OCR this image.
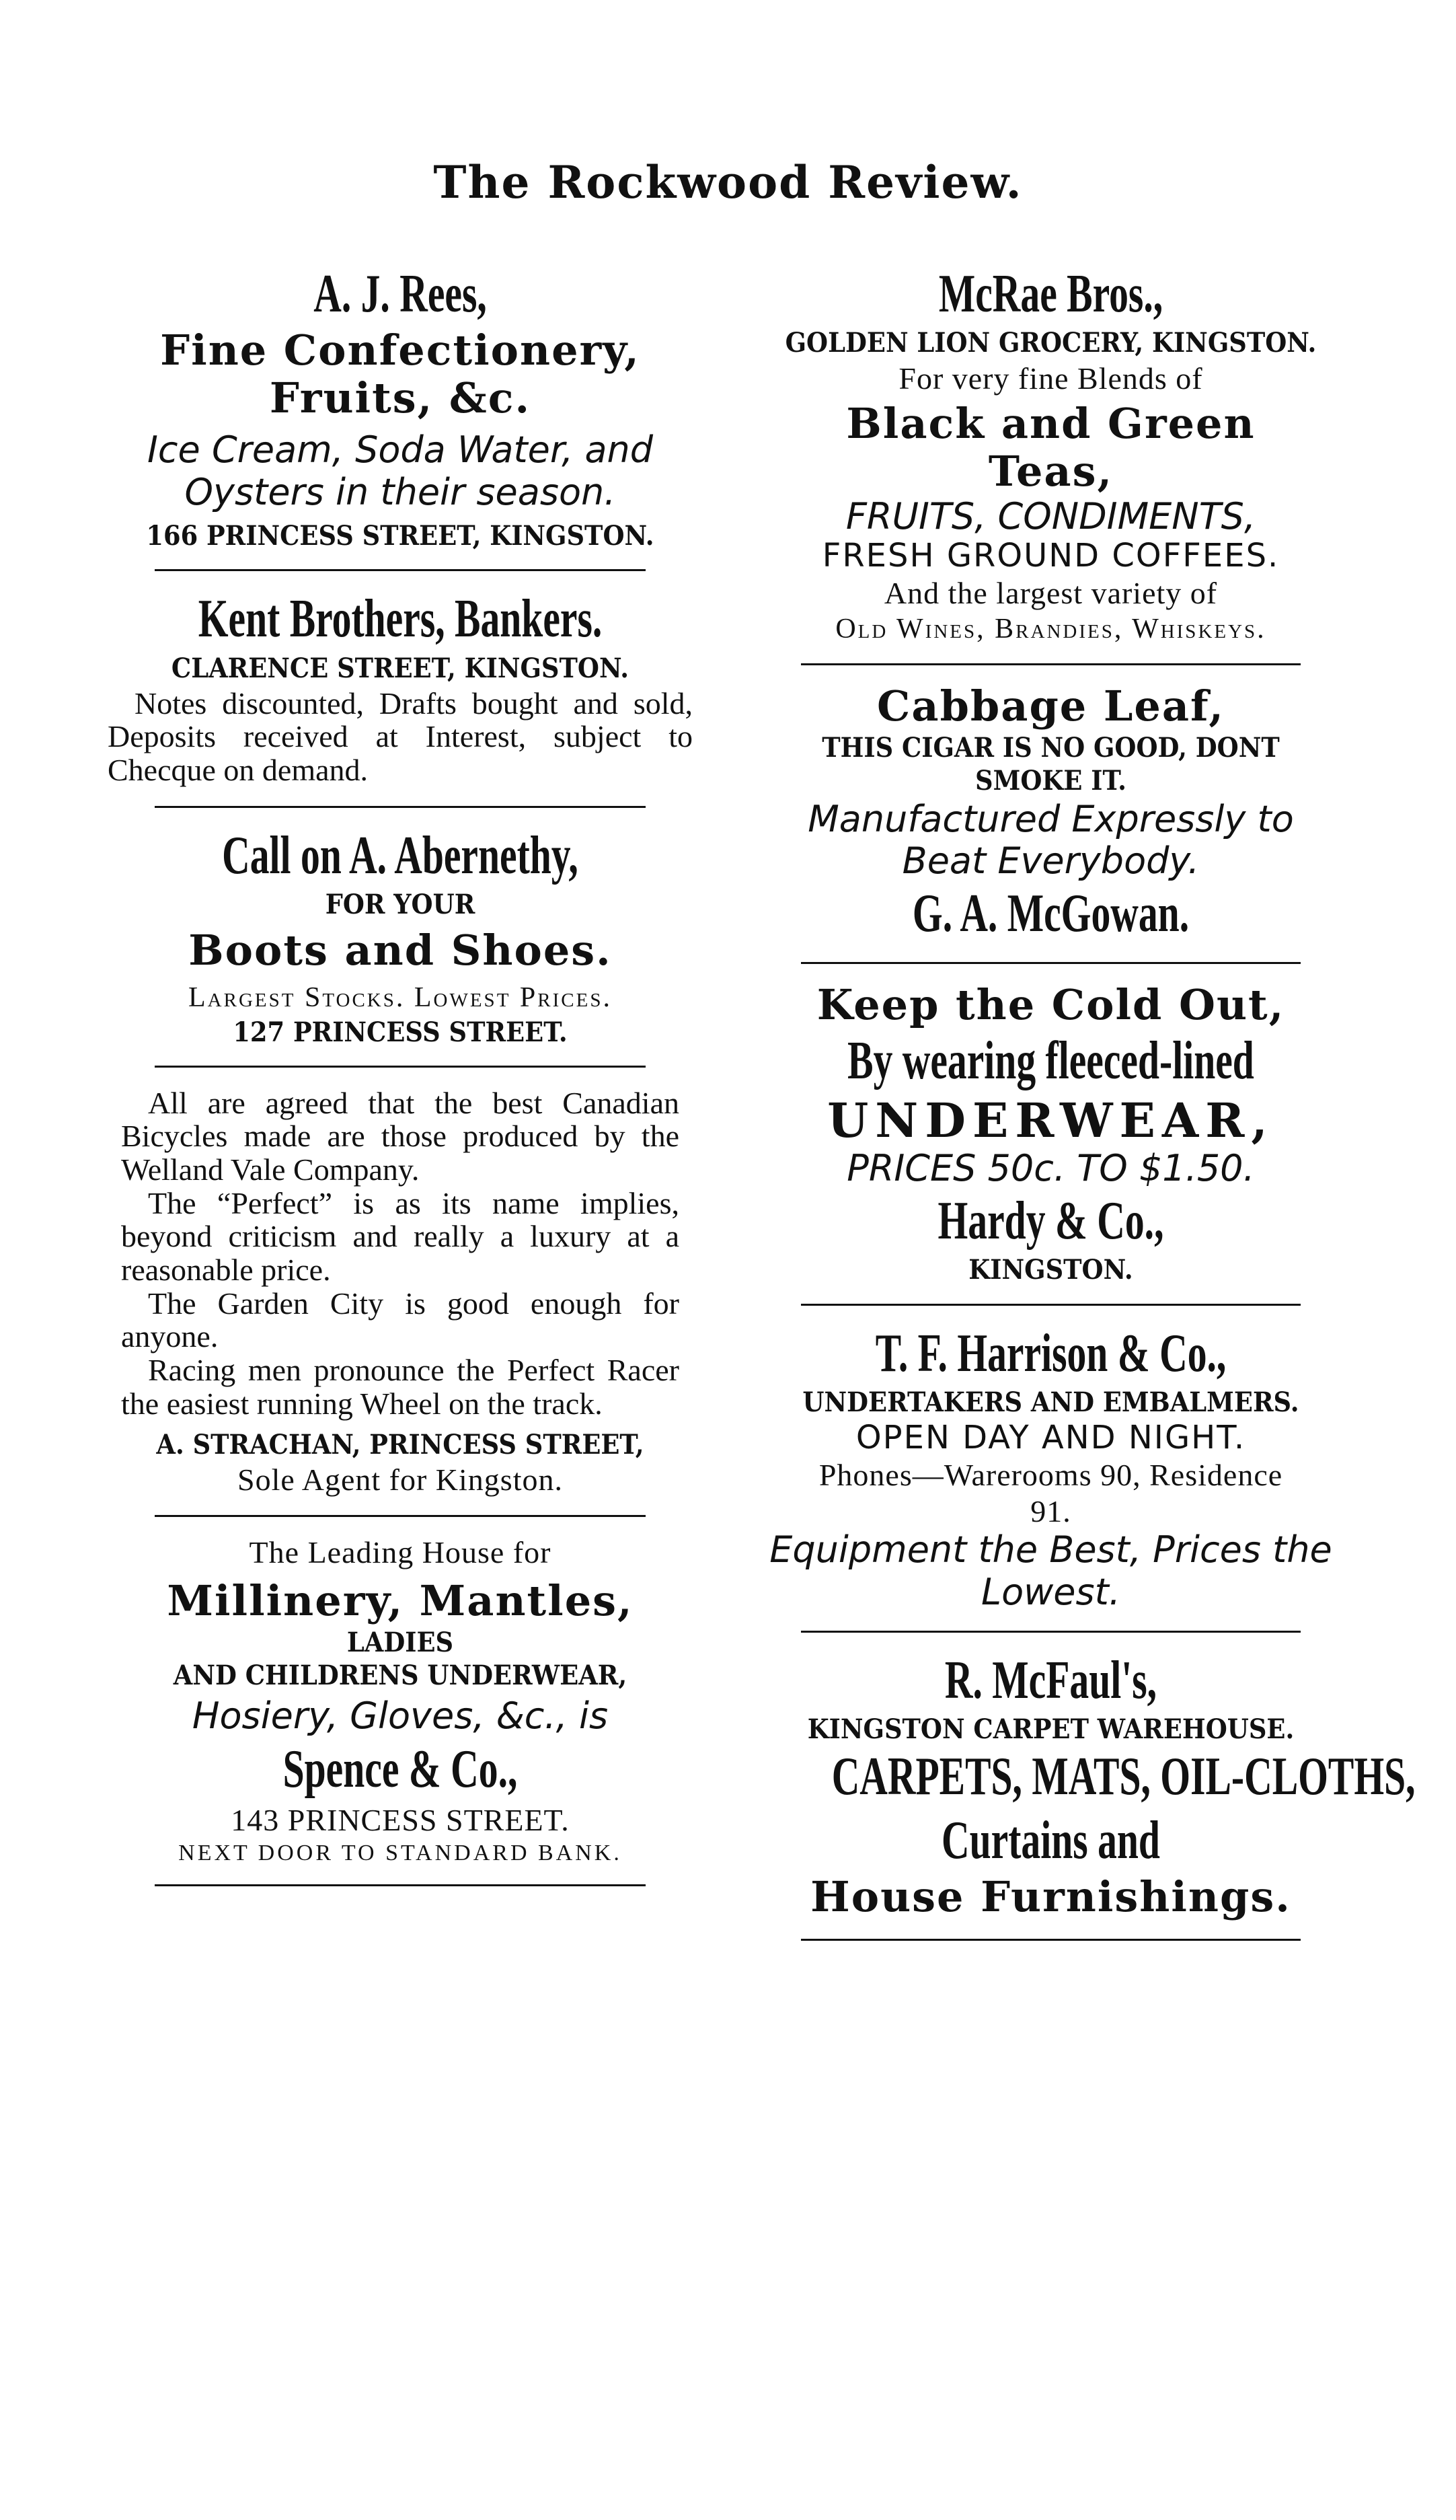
The Rockwood Review.
A. J. Rees,
Fine Confectionery,
Fruits, &c.
Ice Cream, Soda Water, and
Oysters in their season.
166 PRINCESS STREET, KINGSTON.
Kent Brothers, Bankers.
CLARENCE STREET, KINGSTON.
Notes discounted, Drafts bought and sold, Deposits received at Interest, subject to Checque on demand.
Call on A. Abernethy,
FOR YOUR
Boots and Shoes.
Largest Stocks. Lowest Prices.
127 PRINCESS STREET.
All are agreed that the best Canadian Bicycles made are those produced by the Welland Vale Company.
The “Perfect” is as its name implies, beyond criticism and really a luxury at a reasonable price.
The Garden City is good enough for anyone.
Racing men pronounce the Perfect Racer the easiest running Wheel on the track.
A. STRACHAN, PRINCESS STREET,
Sole Agent for Kingston.
The Leading House for
Millinery, Mantles,
LADIES
AND CHILDRENS UNDERWEAR,
Hosiery, Gloves, &c., is
Spence & Co.,
143 PRINCESS STREET.
NEXT DOOR TO STANDARD BANK.
McRae Bros.,
GOLDEN LION GROCERY, KINGSTON.
For very fine Blends of
Black and Green
Teas,
FRUITS, CONDIMENTS,
FRESH GROUND COFFEES.
And the largest variety of
Old Wines, Brandies, Whiskeys.
Cabbage Leaf,
THIS CIGAR IS NO GOOD, DONT
SMOKE IT.
Manufactured Expressly to
Beat Everybody.
G. A. McGowan.
Keep the Cold Out,
By wearing fleeced-lined
UNDERWEAR,
PRICES 50c. TO $1.50.
Hardy & Co.,
KINGSTON.
T. F. Harrison & Co.,
UNDERTAKERS AND EMBALMERS.
OPEN DAY AND NIGHT.
Phones—Warerooms 90, Residence
91.
Equipment the Best, Prices the
Lowest.
R. McFaul's,
KINGSTON CARPET WAREHOUSE.
CARPETS, MATS, OIL-CLOTHS,
Curtains and
House Furnishings.
